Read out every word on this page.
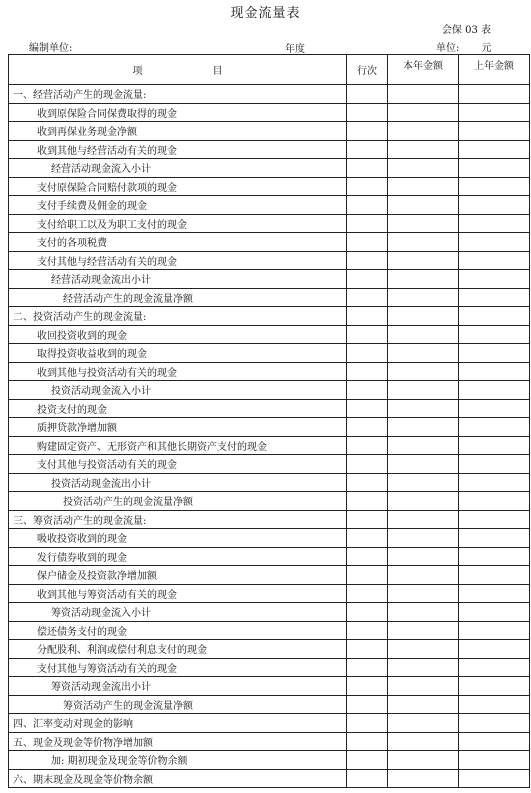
现金流量表
会保 03 表
编制单位:	年度	单位: 元
项 目	行次	本年金额	上年金额
一、经营活动产生的现金流量:			
收到原保险合同保费取得的现金			
收到再保业务现金净额			
收到其他与经营活动有关的现金			
经营活动现金流入小计			
支付原保险合同赔付款项的现金			
支付手续费及佣金的现金			
支付给职工以及为职工支付的现金			
支付的各项税费			
支付其他与经营活动有关的现金			
经营活动现金流出小计			
经营活动产生的现金流量净额			
二、投资活动产生的现金流量:			
收回投资收到的现金			
取得投资收益收到的现金			
收到其他与投资活动有关的现金			
投资活动现金流入小计			
投资支付的现金			
质押贷款净增加额			
购建固定资产、无形资产和其他长期资产支付的现金			
支付其他与投资活动有关的现金			
投资活动现金流出小计			
投资活动产生的现金流量净额			
三、筹资活动产生的现金流量:			
吸收投资收到的现金			
发行债券收到的现金			
保户储金及投资款净增加额			
收到其他与筹资活动有关的现金			
筹资活动现金流入小计			
偿还债务支付的现金			
分配股利、利润或偿付利息支付的现金			
支付其他与筹资活动有关的现金			
筹资活动现金流出小计			
筹资活动产生的现金流量净额			
四、汇率变动对现金的影响			
五、现金及现金等价物净增加额			
加: 期初现金及现金等价物余额			
六、期末现金及现金等价物余额			
